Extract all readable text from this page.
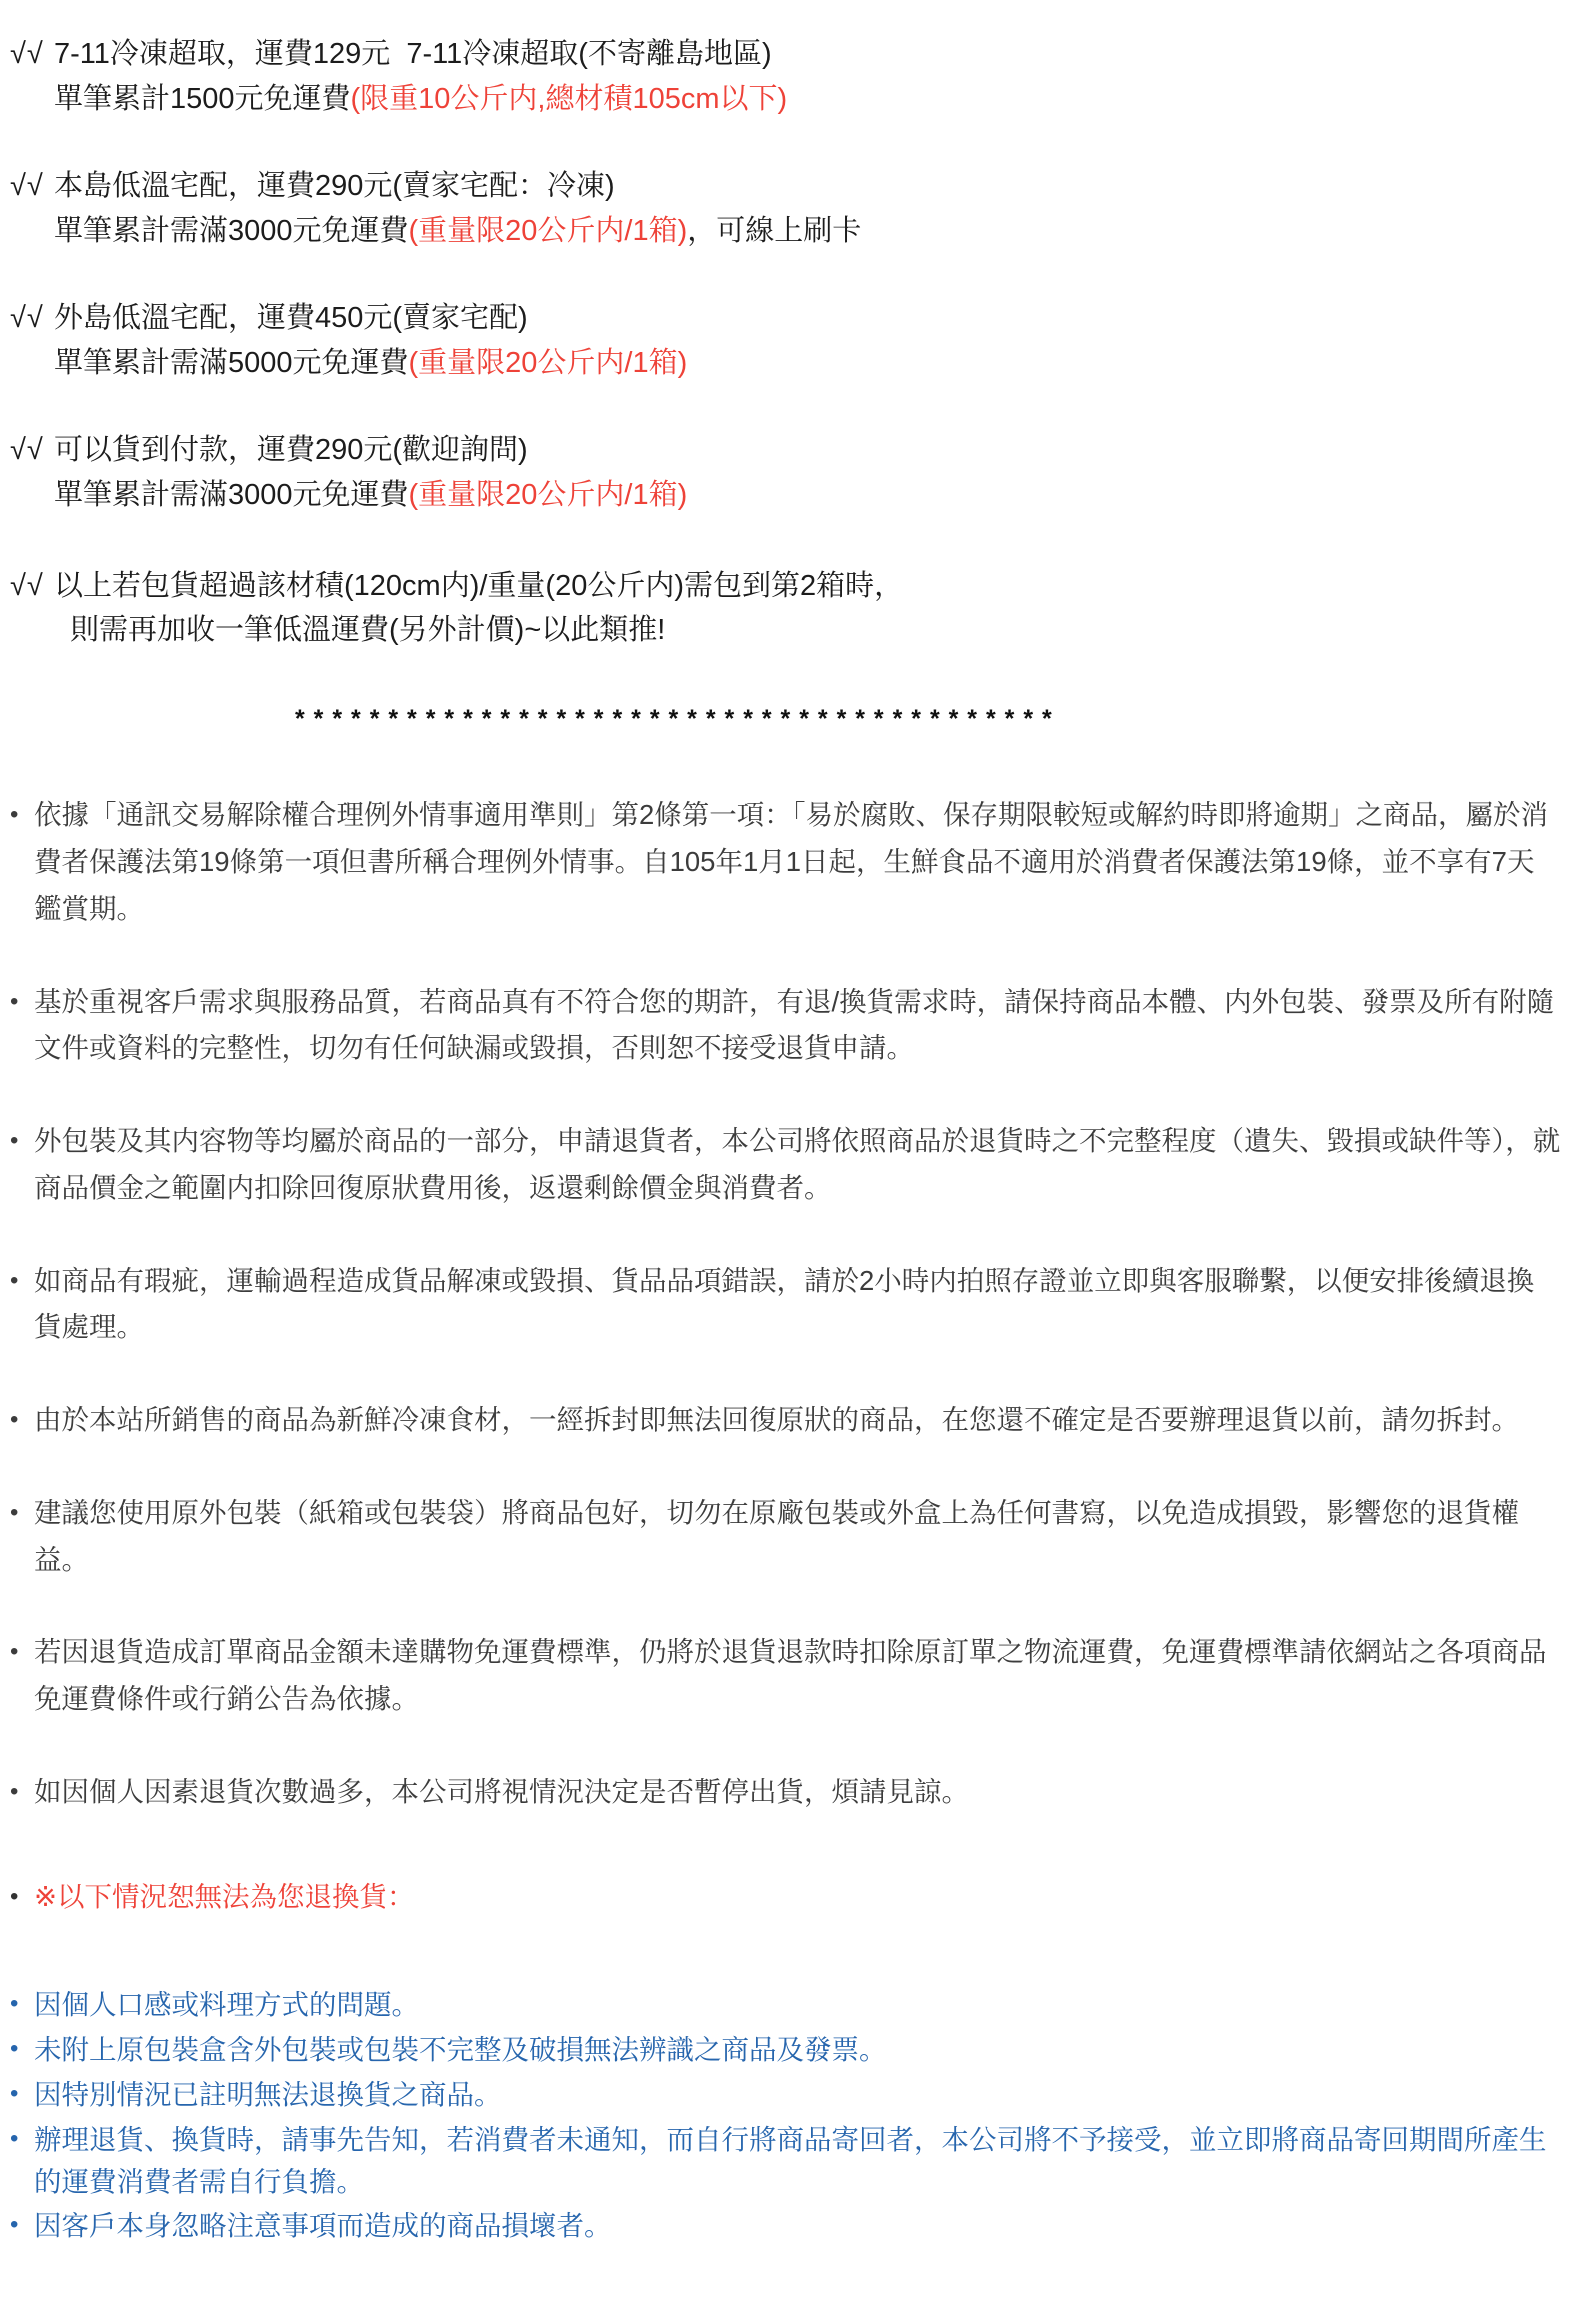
√√ 7-11冷凍超取，運費129元  7-11冷凍超取(不寄離島地區)
單筆累計1500元免運費(限重10公斤内,總材積105cm以下)
√√ 本島低溫宅配，運費290元(賣家宅配：冷凍)
單筆累計需滿3000元免運費(重量限20公斤内/1箱)，可線上刷卡
√√ 外島低溫宅配，運費450元(賣家宅配)
單筆累計需滿5000元免運費(重量限20公斤内/1箱)
√√ 可以貨到付款，運費290元(歡迎詢問)
單筆累計需滿3000元免運費(重量限20公斤内/1箱)
√√ 以上若包貨超過該材積(120cm内)/重量(20公斤内)需包到第2箱時，
則需再加收一筆低溫運費(另外計價)~以此類推!
* * * * * * * * * * * * * * * * * * * * * * * * * * * * * * * * * * * * * * * * *
• 依據「通訊交易解除權合理例外情事適用準則」第2條第一項：「易於腐敗、保存期限較短或解約時即將逾期」之商品，屬於消費者保護法第19條第一項但書所稱合理例外情事。自105年1月1日起，生鮮食品不適用於消費者保護法第19條，並不享有7天鑑賞期。
• 基於重視客戶需求與服務品質，若商品真有不符合您的期許，有退/換貨需求時，請保持商品本體、内外包裝、發票及所有附隨文件或資料的完整性，切勿有任何缺漏或毀損，否則恕不接受退貨申請。
• 外包裝及其内容物等均屬於商品的一部分，申請退貨者，本公司將依照商品於退貨時之不完整程度（遺失、毀損或缺件等），就商品價金之範圍内扣除回復原狀費用後，返還剩餘價金與消費者。
• 如商品有瑕疵，運輸過程造成貨品解凍或毀損、貨品品項錯誤，請於2小時内拍照存證並立即與客服聯繫，以便安排後續退換貨處理。
• 由於本站所銷售的商品為新鮮冷凍食材，一經拆封即無法回復原狀的商品，在您還不確定是否要辦理退貨以前，請勿拆封。
• 建議您使用原外包裝（紙箱或包裝袋）將商品包好，切勿在原廠包裝或外盒上為任何書寫，以免造成損毀，影響您的退貨權益。
• 若因退貨造成訂單商品金額未達購物免運費標準，仍將於退貨退款時扣除原訂單之物流運費，免運費標準請依網站之各項商品免運費條件或行銷公告為依據。
• 如因個人因素退貨次數過多，本公司將視情況決定是否暫停出貨，煩請見諒。
• ※以下情況恕無法為您退換貨：
• 因個人口感或料理方式的問題。
• 未附上原包裝盒含外包裝或包裝不完整及破損無法辨識之商品及發票。
• 因特別情況已註明無法退換貨之商品。
• 辦理退貨、換貨時，請事先告知，若消費者未通知，而自行將商品寄回者，本公司將不予接受，並立即將商品寄回期間所產生的運費消費者需自行負擔。
• 因客戶本身忽略注意事項而造成的商品損壞者。
